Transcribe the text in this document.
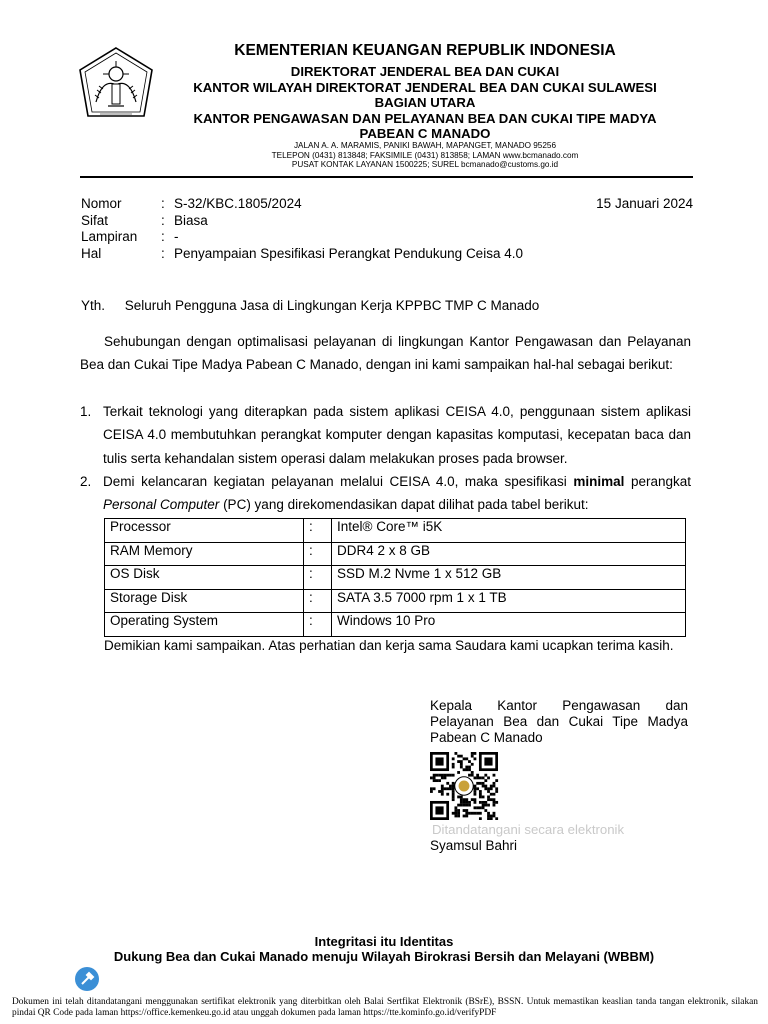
KEMENTERIAN KEUANGAN REPUBLIK INDONESIA
DIREKTORAT JENDERAL BEA DAN CUKAI
KANTOR WILAYAH DIREKTORAT JENDERAL BEA DAN CUKAI SULAWESI
BAGIAN UTARA
KANTOR PENGAWASAN DAN PELAYANAN BEA DAN CUKAI TIPE MADYA
PABEAN C MANADO
JALAN A. A. MARAMIS, PANIKI BAWAH, MAPANGET, MANADO 95256
TELEPON (0431) 813848; FAKSIMILE (0431) 813858; LAMAN www.bcmanado.com
PUSAT KONTAK LAYANAN 1500225; SUREL bcmanado@customs.go.id
Nomor	: S-32/KBC.1805/2024
Sifat	: Biasa
Lampiran	: -
Hal	: Penyampaian Spesifikasi Perangkat Pendukung Ceisa 4.0
15 Januari 2024
Yth. Seluruh Pengguna Jasa di Lingkungan Kerja KPPBC TMP C Manado
Sehubungan dengan optimalisasi pelayanan di lingkungan Kantor Pengawasan dan Pelayanan Bea dan Cukai Tipe Madya Pabean C Manado, dengan ini kami sampaikan hal-hal sebagai berikut:
1. Terkait teknologi yang diterapkan pada sistem aplikasi CEISA 4.0, penggunaan sistem aplikasi CEISA 4.0 membutuhkan perangkat komputer dengan kapasitas komputasi, kecepatan baca dan tulis serta kehandalan sistem operasi dalam melakukan proses pada browser.
2. Demi kelancaran kegiatan pelayanan melalui CEISA 4.0, maka spesifikasi minimal perangkat Personal Computer (PC) yang direkomendasikan dapat dilihat pada tabel berikut:
Processor	:	Intel® Core™ i5K
RAM Memory	:	DDR4 2 x 8 GB
OS Disk	:	SSD M.2 Nvme 1 x 512 GB
Storage Disk	:	SATA 3.5 7000 rpm 1 x 1 TB
Operating System	:	Windows 10 Pro
Demikian kami sampaikan. Atas perhatian dan kerja sama Saudara kami ucapkan terima kasih.
Kepala Kantor Pengawasan dan Pelayanan Bea dan Cukai Tipe Madya Pabean C Manado
Ditandatangani secara elektronik
Syamsul Bahri
Integritasi itu Identitas
Dukung Bea dan Cukai Manado menuju Wilayah Birokrasi Bersih dan Melayani (WBBM)
Dokumen ini telah ditandatangani menggunakan sertifikat elektronik yang diterbitkan oleh Balai Sertfikat Elektronik (BSrE), BSSN. Untuk memastikan keaslian tanda tangan elektronik, silakan pindai QR Code pada laman https://office.kemenkeu.go.id atau unggah dokumen pada laman https://tte.kominfo.go.id/verifyPDF
